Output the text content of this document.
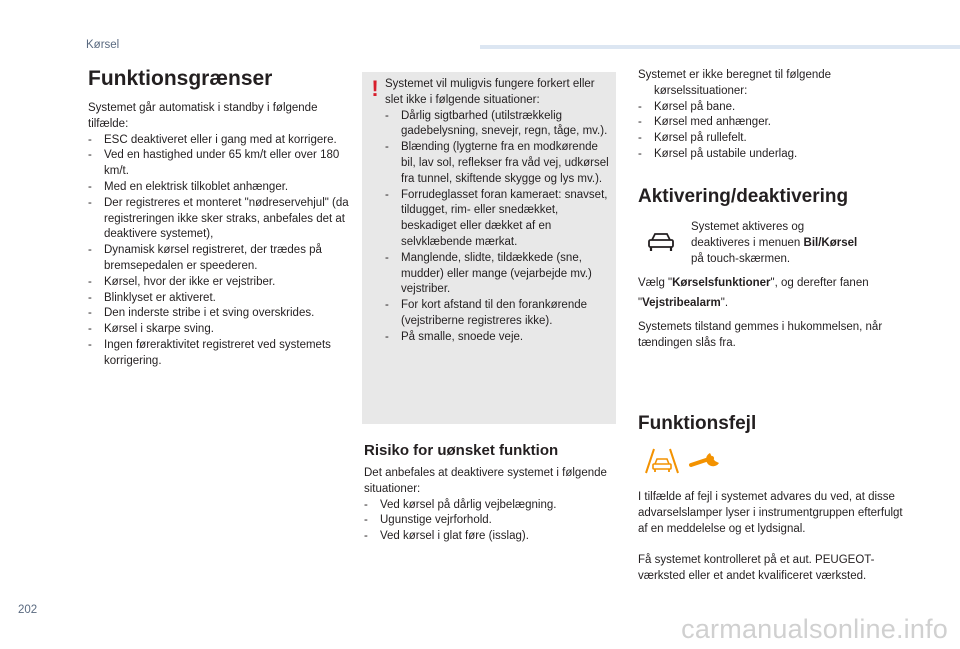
Kørsel
Funktionsgrænser

Systemet går automatisk i standby i følgende tilfælde:

- ESC deaktiveret eller i gang med at korrigere.
- Ved en hastighed under 65 km/t eller over 180 km/t.
- Med en elektrisk tilkoblet anhænger.
- Der registreres et monteret "nødreservehjul" (da registreringen ikke sker straks, anbefales det at deaktivere systemet),
- Dynamisk kørsel registreret, der trædes på bremsepedalen er speederen.
- Kørsel, hvor der ikke er vejstriber.
- Blinklyset er aktiveret.
- Den inderste stribe i et sving overskrides.
- Kørsel i skarpe sving.
- Ingen føreraktivitet registreret ved systemets korrigering.
! Systemet vil muligvis fungere forkert eller slet ikke i følgende situationer:

- Dårlig sigtbarhed (utilstrækkelig gadebelysning, snevejr, regn, tåge, mv.).
- Blænding (lygterne fra en modkørende bil, lav sol, reflekser fra våd vej, udkørsel fra tunnel, skiftende skygge og lys mv.).
- Forrudeglasset foran kameraet: snavset, tildugget, rim- eller snedækket, beskadiget eller dækket af en selvklæbende mærkat.
- Manglende, slidte, tildækkede (sne, mudder) eller mange (vejarbejde mv.) vejstriber.
- For kort afstand til den forankørende (vejstriberne registreres ikke).
- På smalle, snoede veje.
Risiko for uønsket funktion

Det anbefales at deaktivere systemet i følgende situationer:

- Ved kørsel på dårlig vejbelægning.
- Ugunstige vejrforhold.
- Ved kørsel i glat føre (isslag).

Systemet er ikke beregnet til følgende kørselssituationer:

- Kørsel på bane.
- Kørsel med anhænger.
- Kørsel på rullefelt.
- Kørsel på ustabile underlag.
Aktivering/deaktivering

Systemet aktiveres og deaktiveres i menuen Bil/Kørsel på touch-skærmen.

Vælg "Kørselsfunktioner", og derefter fanen

"Vejstribealarm".

Systemets tilstand gemmes i hukommelsen, når tændingen slås fra.

Funktionsfejl

I tilfælde af fejl i systemet advares du ved, at disse advarselslamper lyser i instrumentgruppen efterfulgt af en meddelelse og et lydsignal.

Få systemet kontrolleret på et aut. PEUGEOT-værksted eller et andet kvalificeret værksted.

202
carmanualsonline.info
